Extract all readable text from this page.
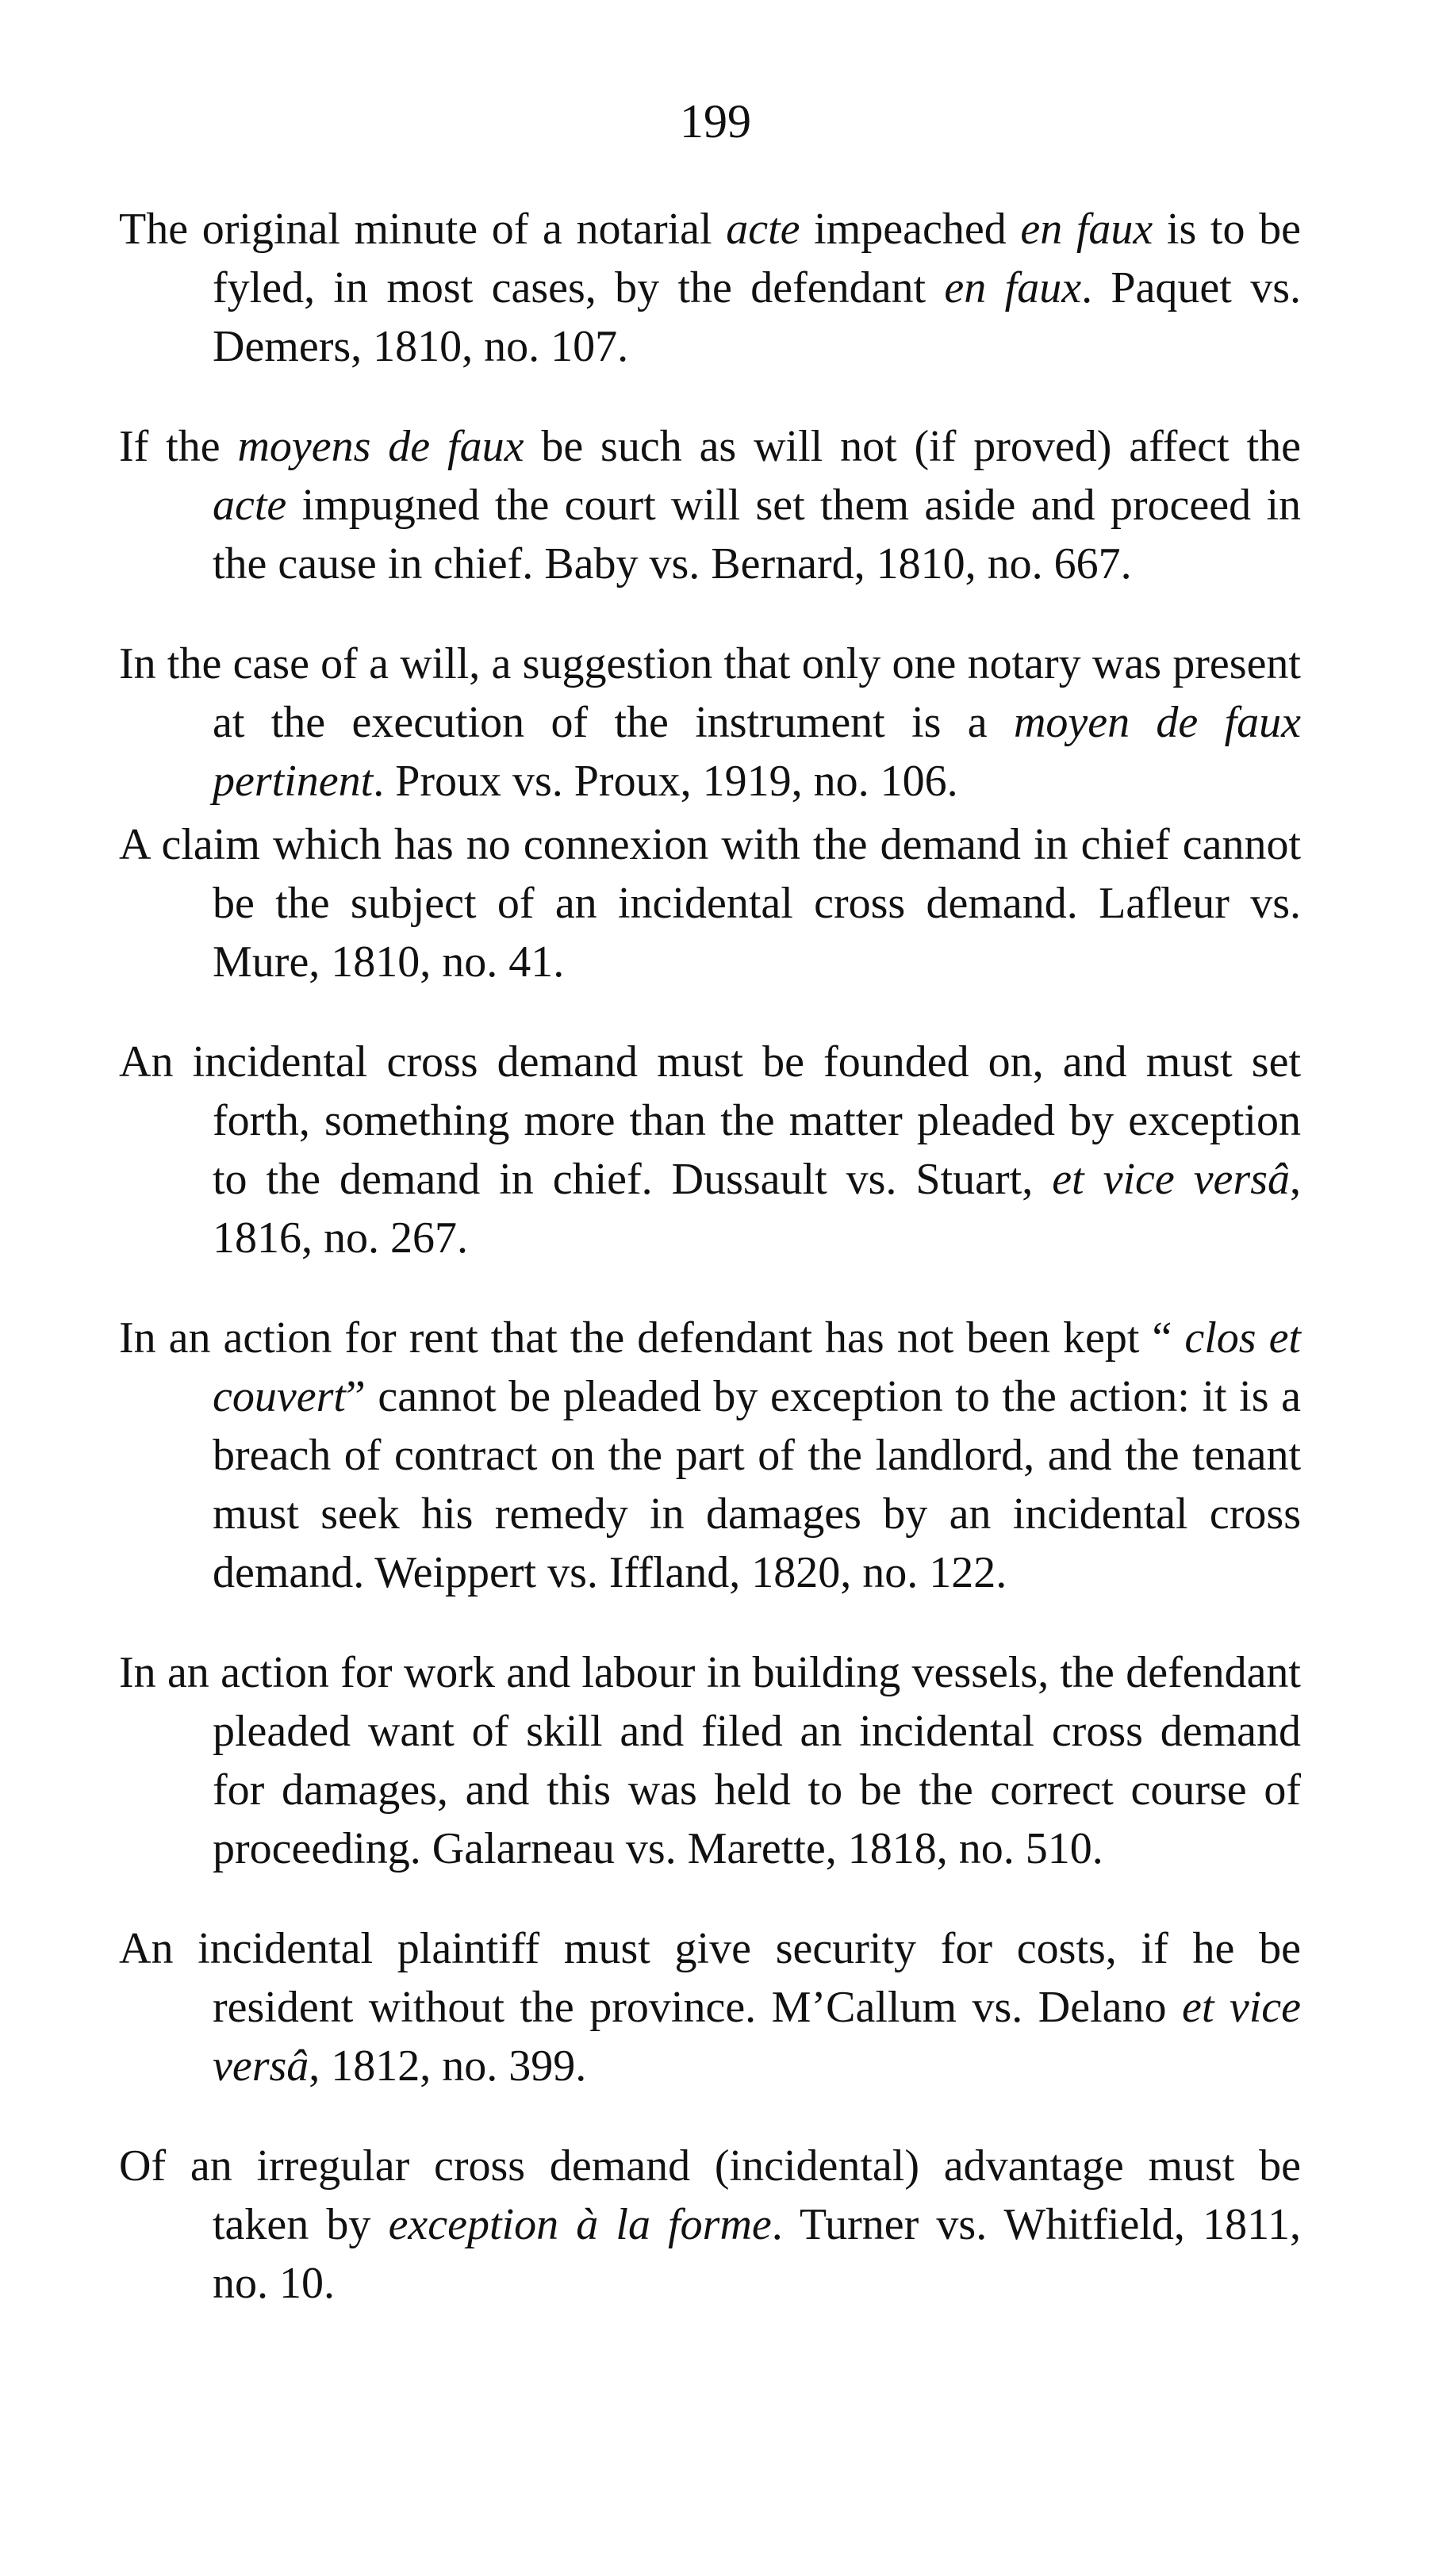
199

The original minute of a notarial acte impeached en faux is to be fyled, in most cases, by the defendant en faux. Paquet vs. Demers, 1810, no. 107.

If the moyens de faux be such as will not (if proved) affect the acte impugned the court will set them aside and proceed in the cause in chief. Baby vs. Bernard, 1810, no. 667.

In the case of a will, a suggestion that only one notary was present at the execution of the instrument is a moyen de faux pertinent. Proux vs. Proux, 1919, no. 106.

A claim which has no connexion with the demand in chief cannot be the subject of an incidental cross demand. Lafleur vs. Mure, 1810, no. 41.

An incidental cross demand must be founded on, and must set forth, something more than the matter pleaded by exception to the demand in chief. Dussault vs. Stuart, et vice versâ, 1816, no. 267.

In an action for rent that the defendant has not been kept “ clos et couvert” cannot be pleaded by exception to the action: it is a breach of contract on the part of the landlord, and the tenant must seek his remedy in damages by an incidental cross demand. Weippert vs. Iffland, 1820, no. 122.

In an action for work and labour in building vessels, the defendant pleaded want of skill and filed an incidental cross demand for damages, and this was held to be the correct course of proceeding. Galarneau vs. Marette, 1818, no. 510.

An incidental plaintiff must give security for costs, if he be resident without the province. M’Callum vs. Delano et vice versâ, 1812, no. 399.

Of an irregular cross demand (incidental) advantage must be taken by exception à la forme. Turner vs. Whitfield, 1811, no. 10.
